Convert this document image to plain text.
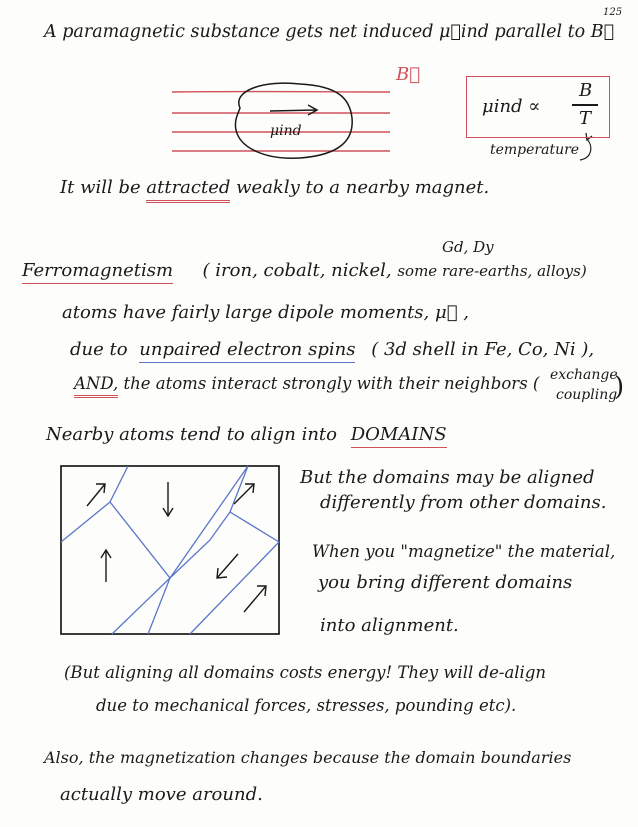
125
A paramagnetic substance gets net induced μ⃗ind parallel to B⃗
B⃗
μind
μind ∝
B
T
temperature
It will be attracted weakly to a nearby magnet.
Gd, Dy
Ferromagnetism ( iron, cobalt, nickel, some rare-earths, alloys)
atoms have fairly large dipole moments, μ⃗ ,
due to unpaired electron spins ( 3d shell in Fe, Co, Ni ),
AND, the atoms interact strongly with their neighbors ( exchange
coupling
)
Nearby atoms tend to align into DOMAINS
But the domains may be aligned
differently from other domains.
When you "magnetize" the material,
you bring different domains
into alignment.
(But aligning all domains costs energy! They will de-align
due to mechanical forces, stresses, pounding etc).
Also, the magnetization changes because the domain boundaries
actually move around.
